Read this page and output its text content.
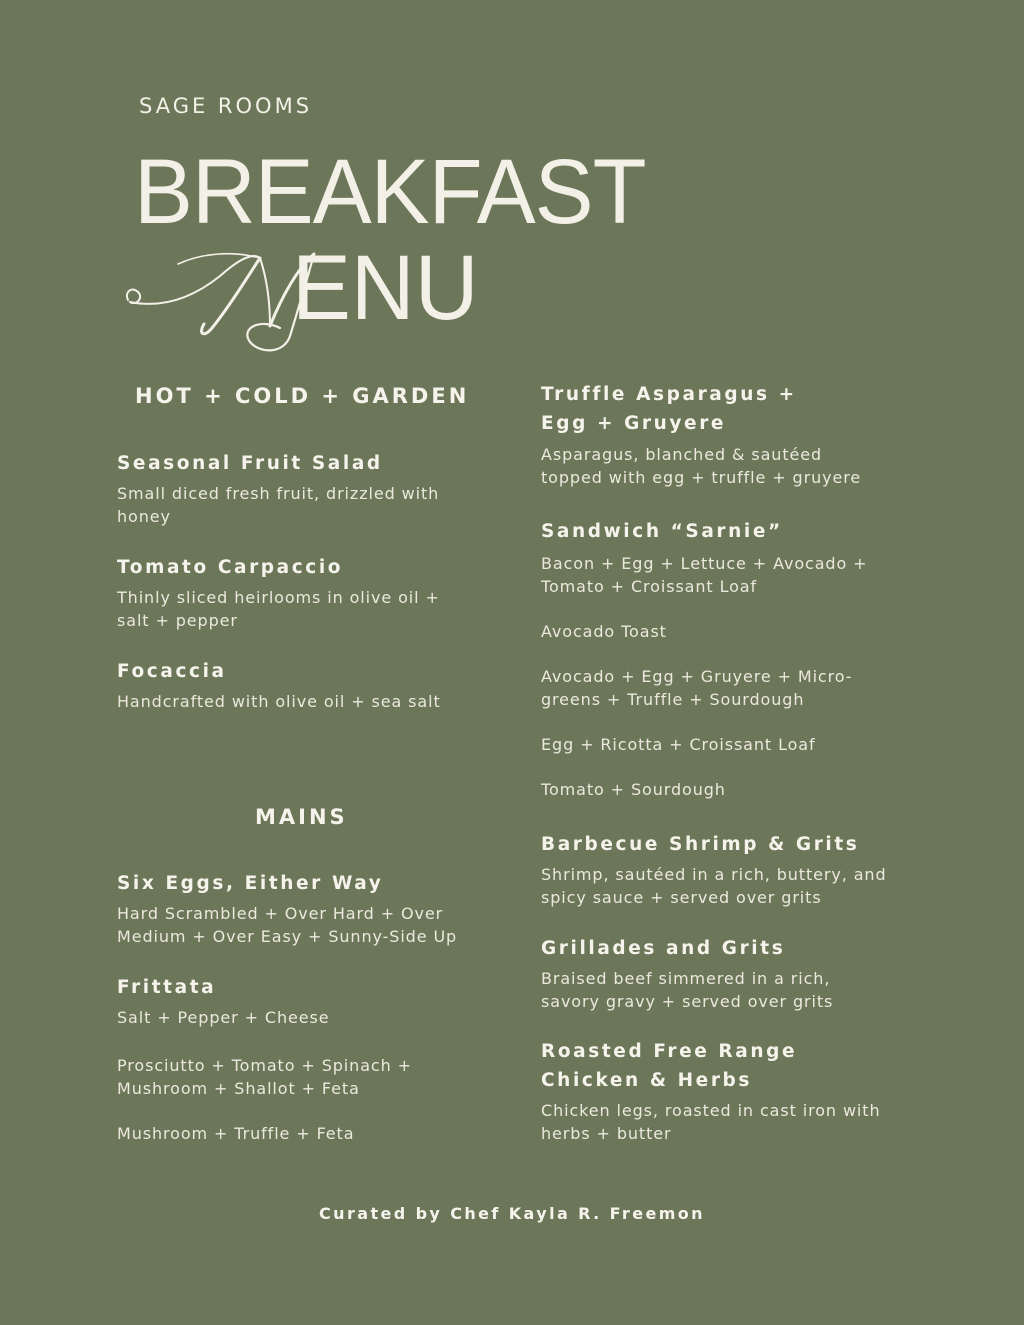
SAGE ROOMS
BREAKFAST
ENU
HOT + COLD + GARDEN
Seasonal Fruit Salad
Small diced fresh fruit, drizzled with
honey
Tomato Carpaccio
Thinly sliced heirlooms in olive oil +
salt + pepper
Focaccia
Handcrafted with olive oil + sea salt
MAINS
Six Eggs, Either Way
Hard Scrambled + Over Hard + Over
Medium + Over Easy + Sunny-Side Up
Frittata
Salt + Pepper + Cheese
Prosciutto + Tomato + Spinach +
Mushroom + Shallot + Feta
Mushroom + Truffle + Feta
Truffle Asparagus +
Egg + Gruyere
Asparagus, blanched & sautéed
topped with egg + truffle + gruyere
Sandwich “Sarnie”
Bacon + Egg + Lettuce + Avocado +
Tomato + Croissant Loaf
Avocado Toast
Avocado + Egg + Gruyere + Micro-
greens + Truffle + Sourdough
Egg + Ricotta + Croissant Loaf
Tomato + Sourdough
Barbecue Shrimp & Grits
Shrimp, sautéed in a rich, buttery, and
spicy sauce + served over grits
Grillades and Grits
Braised beef simmered in a rich,
savory gravy + served over grits
Roasted Free Range
Chicken & Herbs
Chicken legs, roasted in cast iron with
herbs + butter
Curated by Chef Kayla R. Freemon
